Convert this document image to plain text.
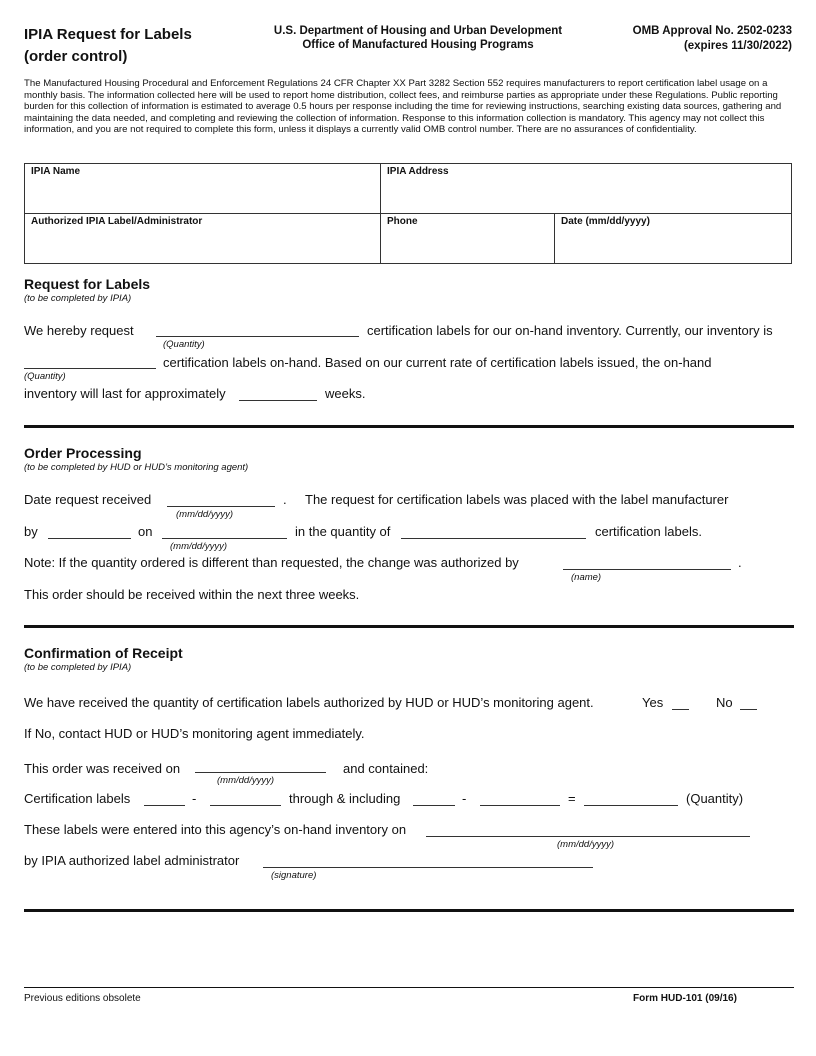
IPIA Request for Labels
(order control)
U.S. Department of Housing and Urban Development
Office of Manufactured Housing Programs
OMB Approval No. 2502-0233
(expires 11/30/2022)
The Manufactured Housing Procedural and Enforcement Regulations 24 CFR Chapter XX Part 3282 Section 552 requires manufacturers to report certification label usage on a monthly basis. The information collected here will be used to report home distribution, collect fees, and reimburse parties as appropriate under these Regulations. Public reporting burden for this collection of information is estimated to average 0.5 hours per response including the time for reviewing instructions, searching existing data sources, gathering and maintaining the data needed, and completing and reviewing the collection of information. Response to this information collection is mandatory. This agency may not collect this information, and you are not required to complete this form, unless it displays a currently valid OMB control number. There are no assurances of confidentiality.
IPIA Name	IPIA Address	
Authorized IPIA Label/Administrator	Phone	Date (mm/dd/yyyy)
Request for Labels
(to be completed by IPIA)
We hereby request
(Quantity)
certification labels for our on-hand inventory. Currently, our inventory is
(Quantity)
certification labels on-hand. Based on our current rate of certification labels issued, the on-hand
inventory will last for approximately	weeks.
Order Processing
(to be completed by HUD or HUD’s monitoring agent)
Date request received
(mm/dd/yyyy)
. The request for certification labels was placed with the label manufacturer
by	on
(mm/dd/yyyy)
in the quantity of	certification labels.
Note: If the quantity ordered is different than requested, the change was authorized by
(name)
.
This order should be received within the next three weeks.
Confirmation of Receipt
(to be completed by IPIA)
We have received the quantity of certification labels authorized by HUD or HUD’s monitoring agent.	Yes	No
If No, contact HUD or HUD’s monitoring agent immediately.
This order was received on
(mm/dd/yyyy)
and contained:
Certification labels	-	through & including	-	=	(Quantity)
These labels were entered into this agency’s on-hand inventory on
(mm/dd/yyyy)
by IPIA authorized label administrator
(signature)
Previous editions obsolete	Form HUD-101 (09/16)
